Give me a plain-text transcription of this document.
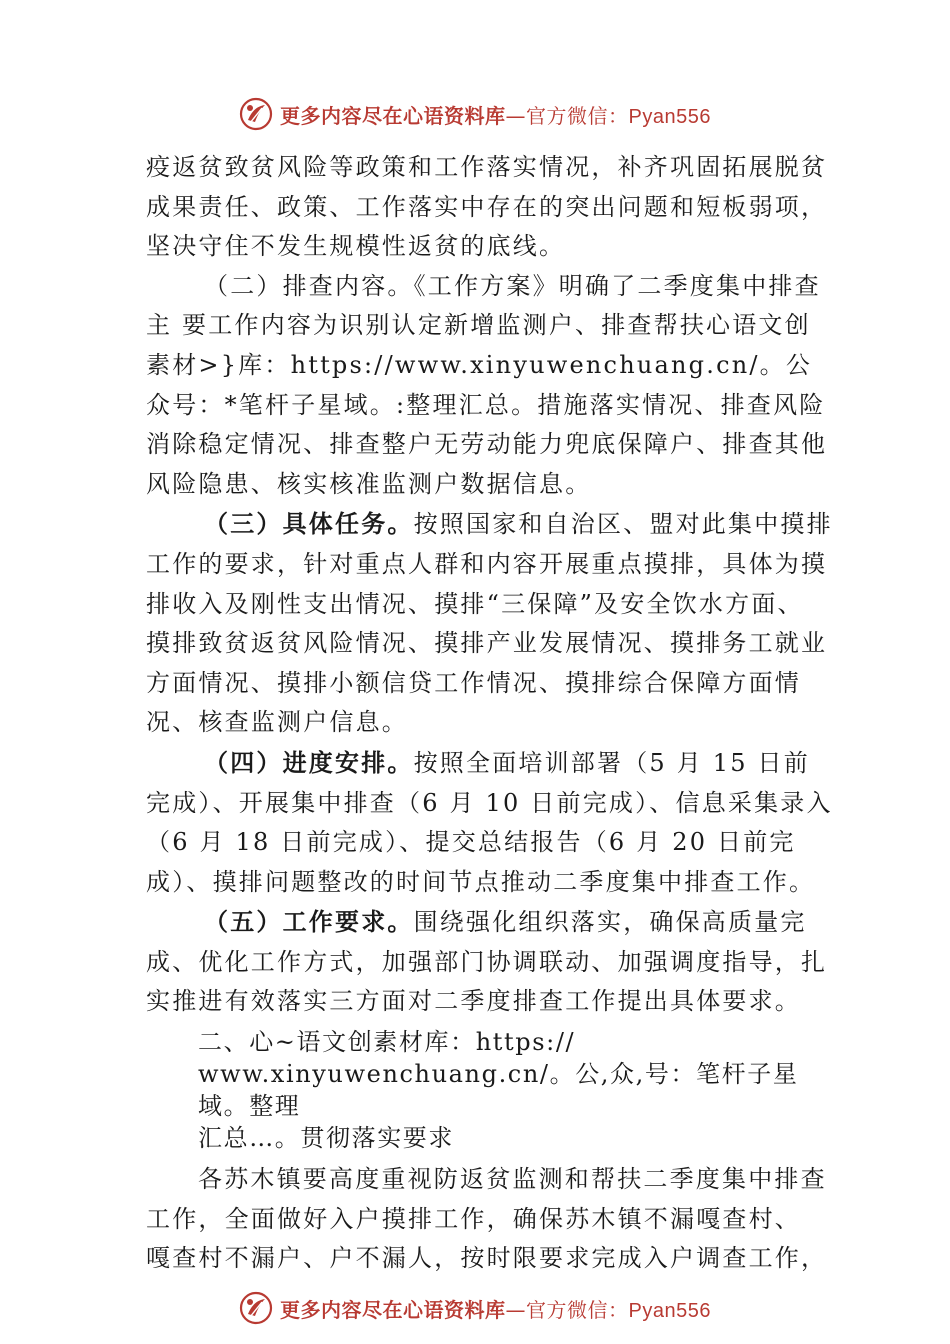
更多内容尽在心语资料库—官方微信：Pyan556

疫返贫致贫风险等政策和工作落实情况，补齐巩固拓展脱贫成果责任、政策、工作落实中存在的突出问题和短板弱项， 坚决守住不发生规模性返贫的底线。

（二）排查内容。《工作方案》明确了二季度集中排查主 要工作内容为识别认定新增监测户、排查帮扶心语文创素材>}库：https://www.xinyuwenchuang.cn/。公众号：*笔杆子星域。:整理汇总。措施落实情况、排查风险消除稳定情况、排查整户无劳动能力兜底保障户、排查其他风险隐患、核实核准监测户数据信息。

（三）具体任务。按照国家和自治区、盟对此集中摸排工作的要求，针对重点人群和内容开展重点摸排，具体为摸排收入及刚性支出情况、摸排“三保障”及安全饮水方面、 摸排致贫返贫风险情况、摸排产业发展情况、摸排务工就业方面情况、摸排小额信贷工作情况、摸排综合保障方面情况、核查监测户信息。

（四）进度安排。按照全面培训部署（5 月 15 日前完成）、开展集中排查（6 月 10 日前完成）、信息采集录入（6 月 18 日前完成）、提交总结报告（6 月 20 日前完成）、摸排问题整改的时间节点推动二季度集中排查工作。

（五）工作要求。围绕强化组织落实，确保高质量完成、优化工作方式，加强部门协调联动、加强调度指导，扎实推进有效落实三方面对二季度排查工作提出具体要求。

二、心~语文创素材库：https://
www.xinyuwenchuang.cn/。公,众,号：笔杆子星域。整理
汇总…。贯彻落实要求

各苏木镇要高度重视防返贫监测和帮扶二季度集中排查工作，全面做好入户摸排工作，确保苏木镇不漏嘎查村、 嘎查村不漏户、户不漏人，按时限要求完成入户调查工作，

更多内容尽在心语资料库—官方微信：Pyan556
